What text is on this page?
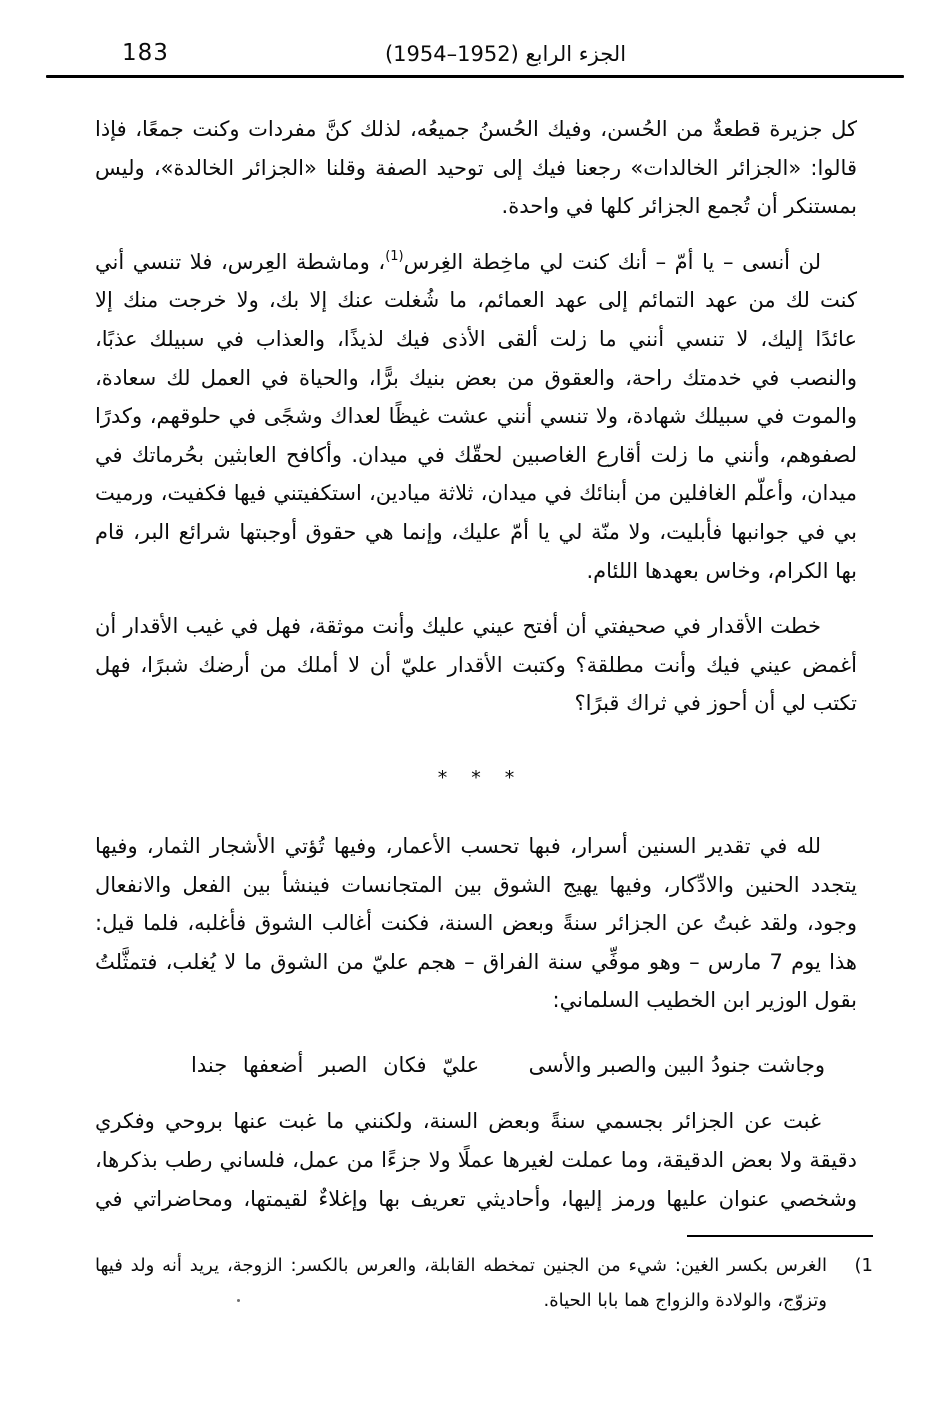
183	الجزء الرابع (1952–1954)
كل جزيرة قطعةٌ من الحُسن، وفيك الحُسنُ جميعُه، لذلك كنَّ مفردات وكنت جمعًا، فإذا
قالوا: «الجزائر الخالدات» رجعنا فيك إلى توحيد الصفة وقلنا «الجزائر الخالدة»، وليس
بمستنكر أن تُجمع الجزائر كلها في واحدة.
لن أنسى – يا أمّ – أنك كنت لي ماخِطة الغِرس$^{(1)}$، وماشطة العِرس، فلا تنسي أني
كنت لك من عهد التمائم إلى عهد العمائم، ما شُغلت عنك إلا بك، ولا خرجت منك إلا
عائدًا إليك، لا تنسي أنني ما زلت ألقى الأذى فيك لذيذًا، والعذاب في سبيلك عذبًا،
والنصب في خدمتك راحة، والعقوق من بعض بنيك برًّا، والحياة في العمل لك سعادة،
والموت في سبيلك شهادة، ولا تنسي أنني عشت غيظًا لعداك وشجًى في حلوقهم، وكدرًا
لصفوهم، وأنني ما زلت أقارع الغاصبين لحقّك في ميدان. وأكافح العابثين بحُرماتك في
ميدان، وأعلّم الغافلين من أبنائك في ميدان، ثلاثة ميادين، استكفيتني فيها فكفيت، ورميت
بي في جوانبها فأبليت، ولا منّة لي يا أمّ عليك، وإنما هي حقوق أوجبتها شرائع البر، قام
بها الكرام، وخاس بعهدها اللئام.
خطت الأقدار في صحيفتي أن أفتح عيني عليك وأنت موثقة، فهل في غيب الأقدار أن
أغمض عيني فيك وأنت مطلقة؟ وكتبت الأقدار عليّ أن لا أملك من أرضك شبرًا، فهل
تكتب لي أن أحوز في ثراك قبرًا؟
* * *
لله في تقدير السنين أسرار، فبها تحسب الأعمار، وفيها تُؤتي الأشجار الثمار، وفيها
يتجدد الحنين والادِّكار، وفيها يهيج الشوق بين المتجانسات فينشأ بين الفعل والانفعال
وجود، ولقد غبتُ عن الجزائر سنةً وبعض السنة، فكنت أغالب الشوق فأغلبه، فلما قيل:
هذا يوم 7 مارس – وهو موفِّي سنة الفراق – هجم عليّ من الشوق ما لا يُغلب، فتمثَّلتُ
بقول الوزير ابن الخطيب السلماني:
وجاشت جنودُ البين والصبر والأسى
عليّ فكان الصبر أضعفها جندا
غبت عن الجزائر بجسمي سنةً وبعض السنة، ولكنني ما غبت عنها بروحي وفكري
دقيقة ولا بعض الدقيقة، وما عملت لغيرها عملًا ولا جزءًا من عمل، فلساني رطب بذكرها،
وشخصي عنوان عليها ورمز إليها، وأحاديثي تعريف بها وإغلاءٌ لقيمتها، ومحاضراتي في
1)
الغرس بكسر الغين: شيء من الجنين تمخطه القابلة، والعرس بالكسر: الزوجة، يريد أنه ولد فيها
وتزوّج، والولادة والزواج هما بابا الحياة.
